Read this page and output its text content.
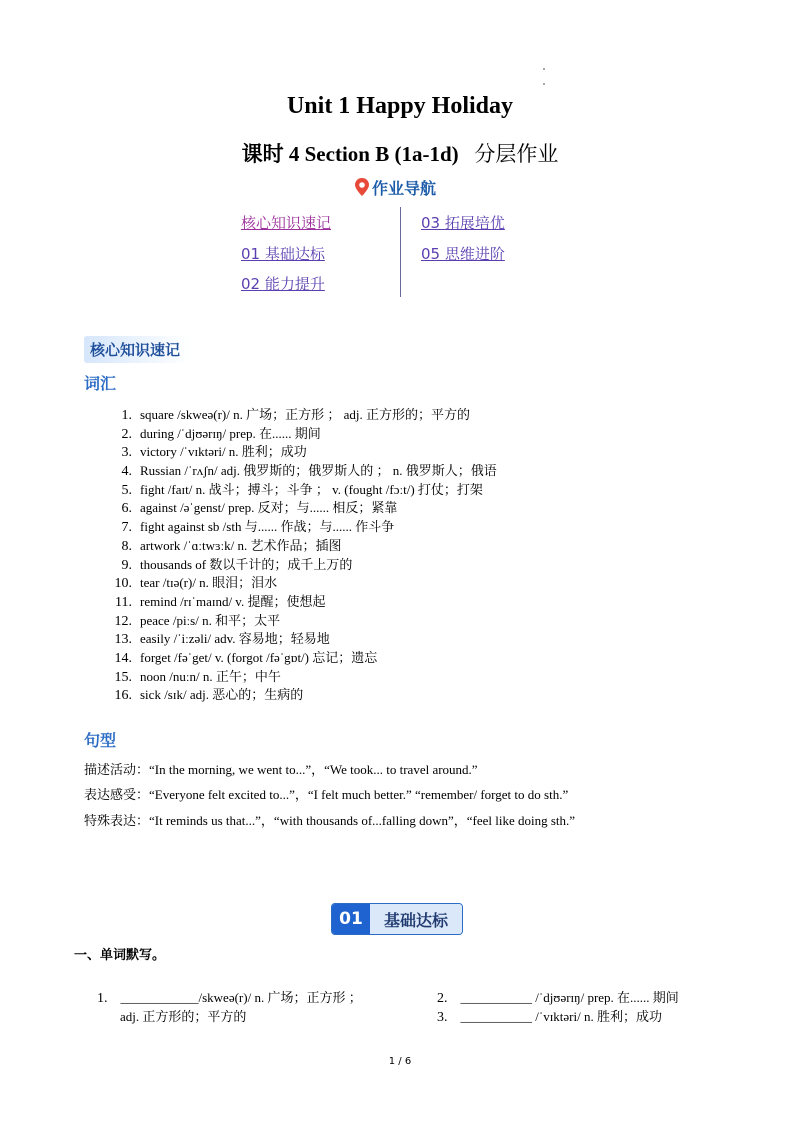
Unit 1 Happy Holiday
课时 4 Section B (1a-1d) 分层作业
作业导航
核心知识速记
01 基础达标
02 能力提升
03 拓展培优
05 思维进阶
核心知识速记
词汇
1. square /skweə(r)/ n. 广场；正方形 ； adj. 正方形的；平方的
2. during /ˈdjʊərɪŋ/ prep. 在...... 期间
3. victory /ˈvɪktəri/ n. 胜利；成功
4. Russian /ˈrʌʃn/ adj. 俄罗斯的；俄罗斯人的 ； n. 俄罗斯人；俄语
5. fight /faɪt/ n. 战斗；搏斗；斗争 ； v. (fought /fɔːt/) 打仗；打架
6. against /əˈgenst/ prep. 反对；与...... 相反；紧靠
7. fight against sb /sth 与...... 作战；与...... 作斗争
8. artwork /ˈɑːtwɜːk/ n. 艺术作品；插图
9. thousands of 数以千计的；成千上万的
10. tear /tɪə(r)/ n. 眼泪；泪水
11. remind /rɪˈmaɪnd/ v. 提醒；使想起
12. peace /piːs/ n. 和平；太平
13. easily /ˈiːzəli/ adv. 容易地；轻易地
14. forget /fəˈget/ v. (forgot /fəˈgɒt/) 忘记；遗忘
15. noon /nuːn/ n. 正午；中午
16. sick /sɪk/ adj. 恶心的；生病的
句型
描述活动：“In the morning, we went to...”，“We took... to travel around.”
表达感受：“Everyone felt excited to...”，“I felt much better.” “remember/ forget to do sth.”
特殊表达：“It reminds us that...”，“with thousands of...falling down”，“feel like doing sth.”
01	基础达标
一、单词默写。
1. ____________/skweə(r)/ n. 广场；正方形 ；
adj. 正方形的；平方的
2. ___________ /ˈdjʊərɪŋ/ prep. 在...... 期间
3. ___________ /ˈvɪktəri/ n. 胜利；成功
1 / 6
